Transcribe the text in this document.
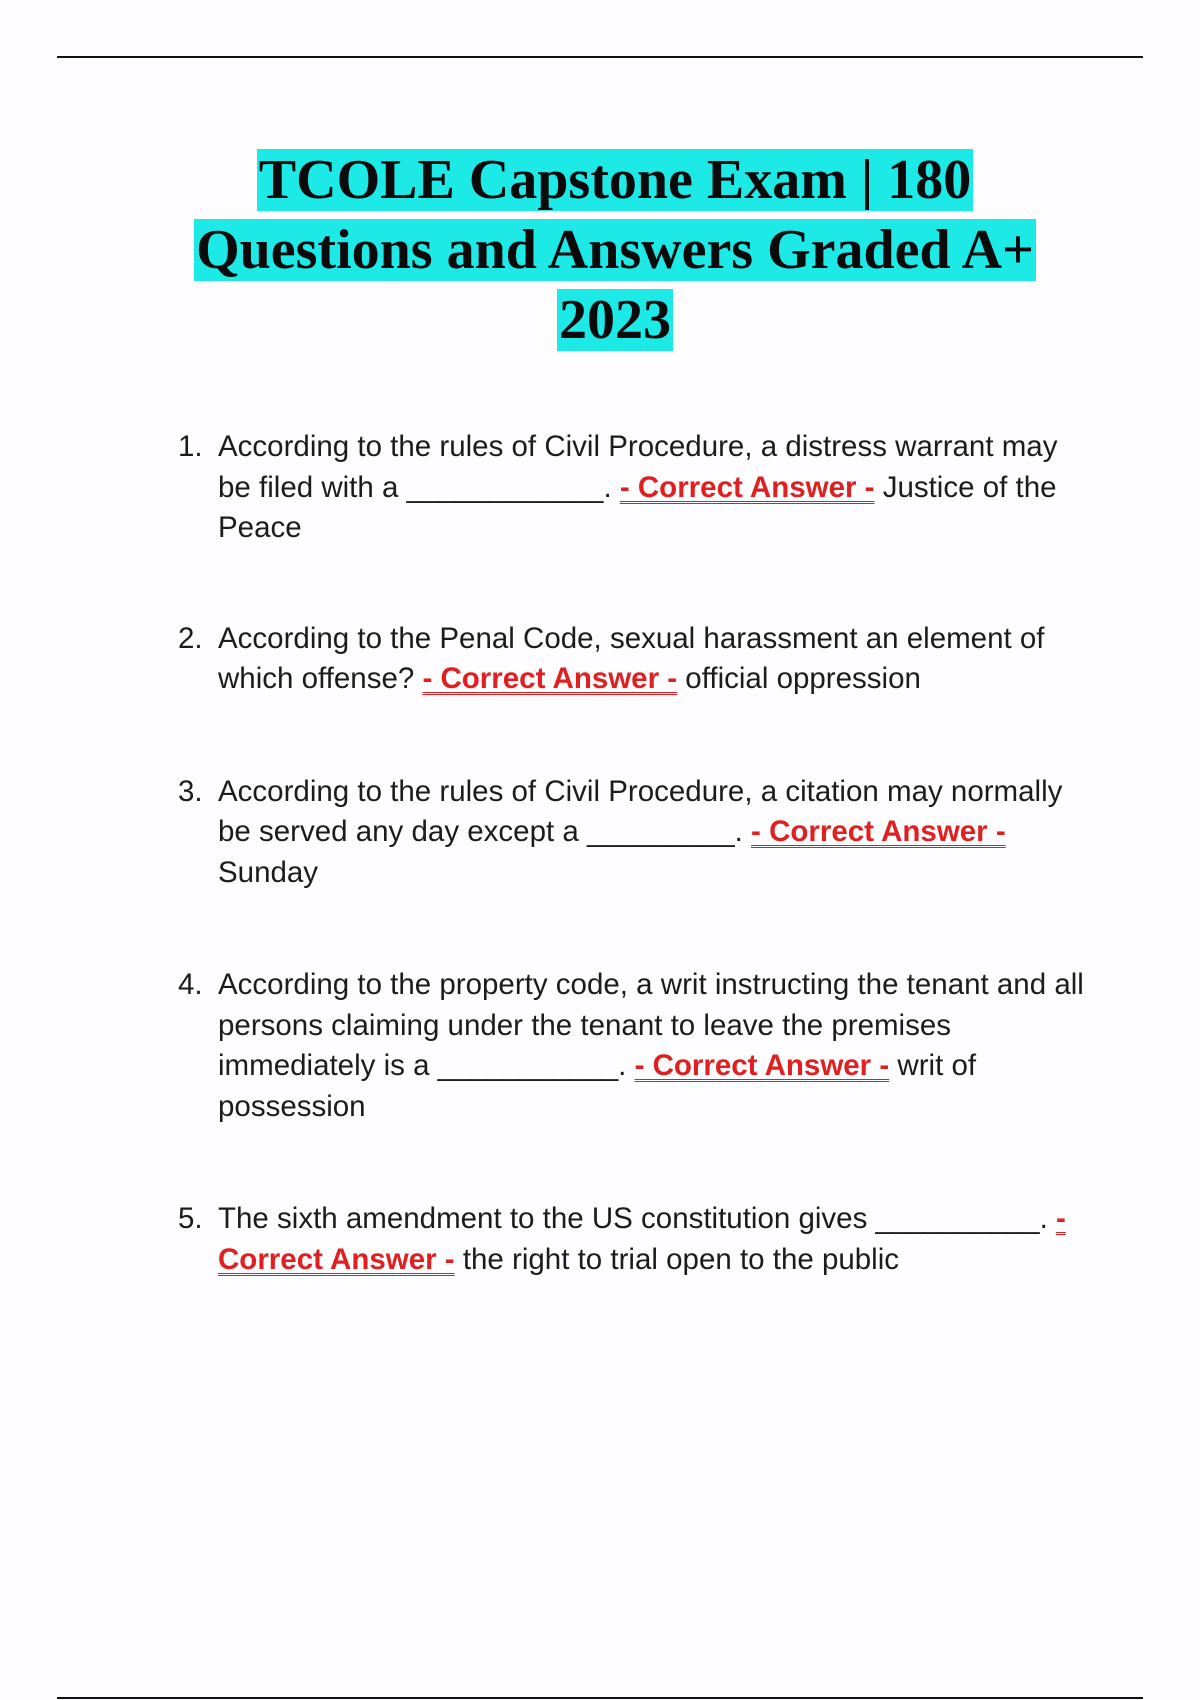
TCOLE Capstone Exam | 180
Questions and Answers Graded A+
2023
1. According to the rules of Civil Procedure, a distress warrant may be filed with a ____________. - Correct Answer - Justice of the Peace
2. According to the Penal Code, sexual harassment an element of which offense? - Correct Answer - official oppression
3. According to the rules of Civil Procedure, a citation may normally be served any day except a _________. - Correct Answer - Sunday
4. According to the property code, a writ instructing the tenant and all persons claiming under the tenant to leave the premises immediately is a ___________. - Correct Answer - writ of possession
5. The sixth amendment to the US constitution gives __________. - Correct Answer - the right to trial open to the public
